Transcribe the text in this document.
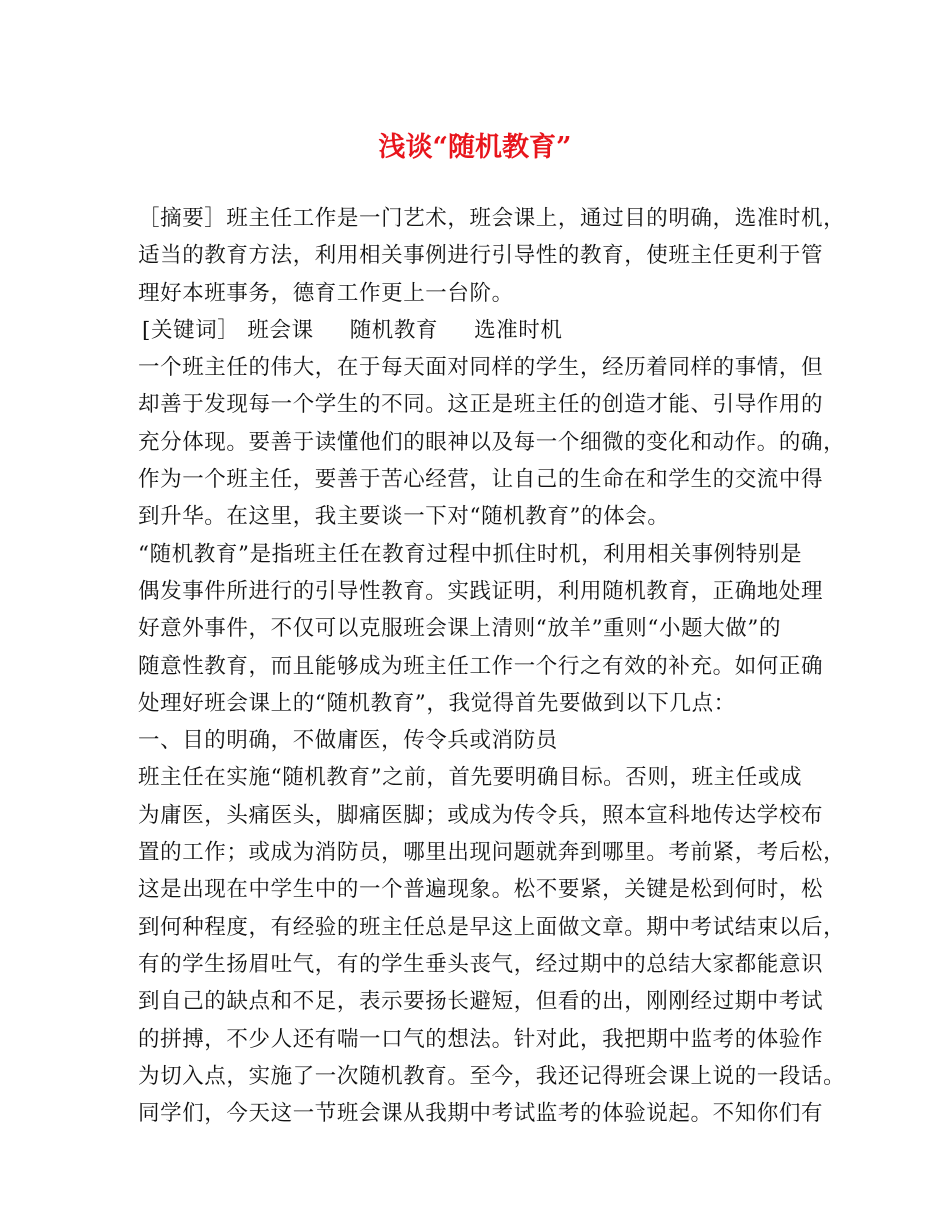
浅谈“随机教育”
［摘要］班主任工作是一门艺术，班会课上，通过目的明确，选准时机，
适当的教育方法，利用相关事例进行引导性的教育，使班主任更利于管
理好本班事务，德育工作更上一台阶。
[关键词］ 班会课 随机教育 选准时机
一个班主任的伟大，在于每天面对同样的学生，经历着同样的事情，但
却善于发现每一个学生的不同。这正是班主任的创造才能、引导作用的
充分体现。要善于读懂他们的眼神以及每一个细微的变化和动作。的确，
作为一个班主任，要善于苦心经营，让自己的生命在和学生的交流中得
到升华。在这里，我主要谈一下对“随机教育”的体会。
“随机教育”是指班主任在教育过程中抓住时机，利用相关事例特别是
偶发事件所进行的引导性教育。实践证明，利用随机教育，正确地处理
好意外事件，不仅可以克服班会课上清则“放羊”重则“小题大做”的
随意性教育，而且能够成为班主任工作一个行之有效的补充。如何正确
处理好班会课上的“随机教育”，我觉得首先要做到以下几点：
一、目的明确，不做庸医，传令兵或消防员
班主任在实施“随机教育”之前，首先要明确目标。否则，班主任或成
为庸医，头痛医头，脚痛医脚；或成为传令兵，照本宣科地传达学校布
置的工作；或成为消防员，哪里出现问题就奔到哪里。考前紧，考后松，
这是出现在中学生中的一个普遍现象。松不要紧，关键是松到何时，松
到何种程度，有经验的班主任总是早这上面做文章。期中考试结束以后，
有的学生扬眉吐气，有的学生垂头丧气，经过期中的总结大家都能意识
到自己的缺点和不足，表示要扬长避短，但看的出，刚刚经过期中考试
的拼搏，不少人还有喘一口气的想法。针对此，我把期中监考的体验作
为切入点，实施了一次随机教育。至今，我还记得班会课上说的一段话。
同学们，今天这一节班会课从我期中考试监考的体验说起。不知你们有
